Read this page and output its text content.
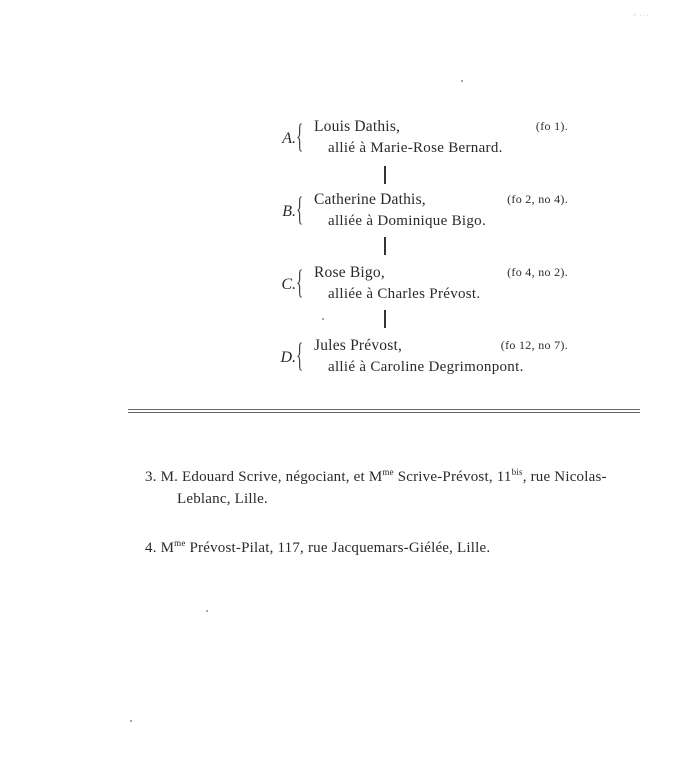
⁘ ·· ·
A. { Louis Dathis,	(fo 1).
allié à Marie-Rose Bernard.
B. { Catherine Dathis,	(fo 2, no 4).
alliée à Dominique Bigo.
C. { Rose Bigo,	(fo 4, no 2).
alliée à Charles Prévost.
D. { Jules Prévost,	(fo 12, no 7).
allié à Caroline Degrimonpont.
3. M. Edouard Scrive, négociant, et $M^{me}$ Scrive-Prévost, $11^{bis}$, rue Nicolas-
Leblanc, Lille.
4. $M^{me}$ Prévost-Pilat, 117, rue Jacquemars-Giélée, Lille.
